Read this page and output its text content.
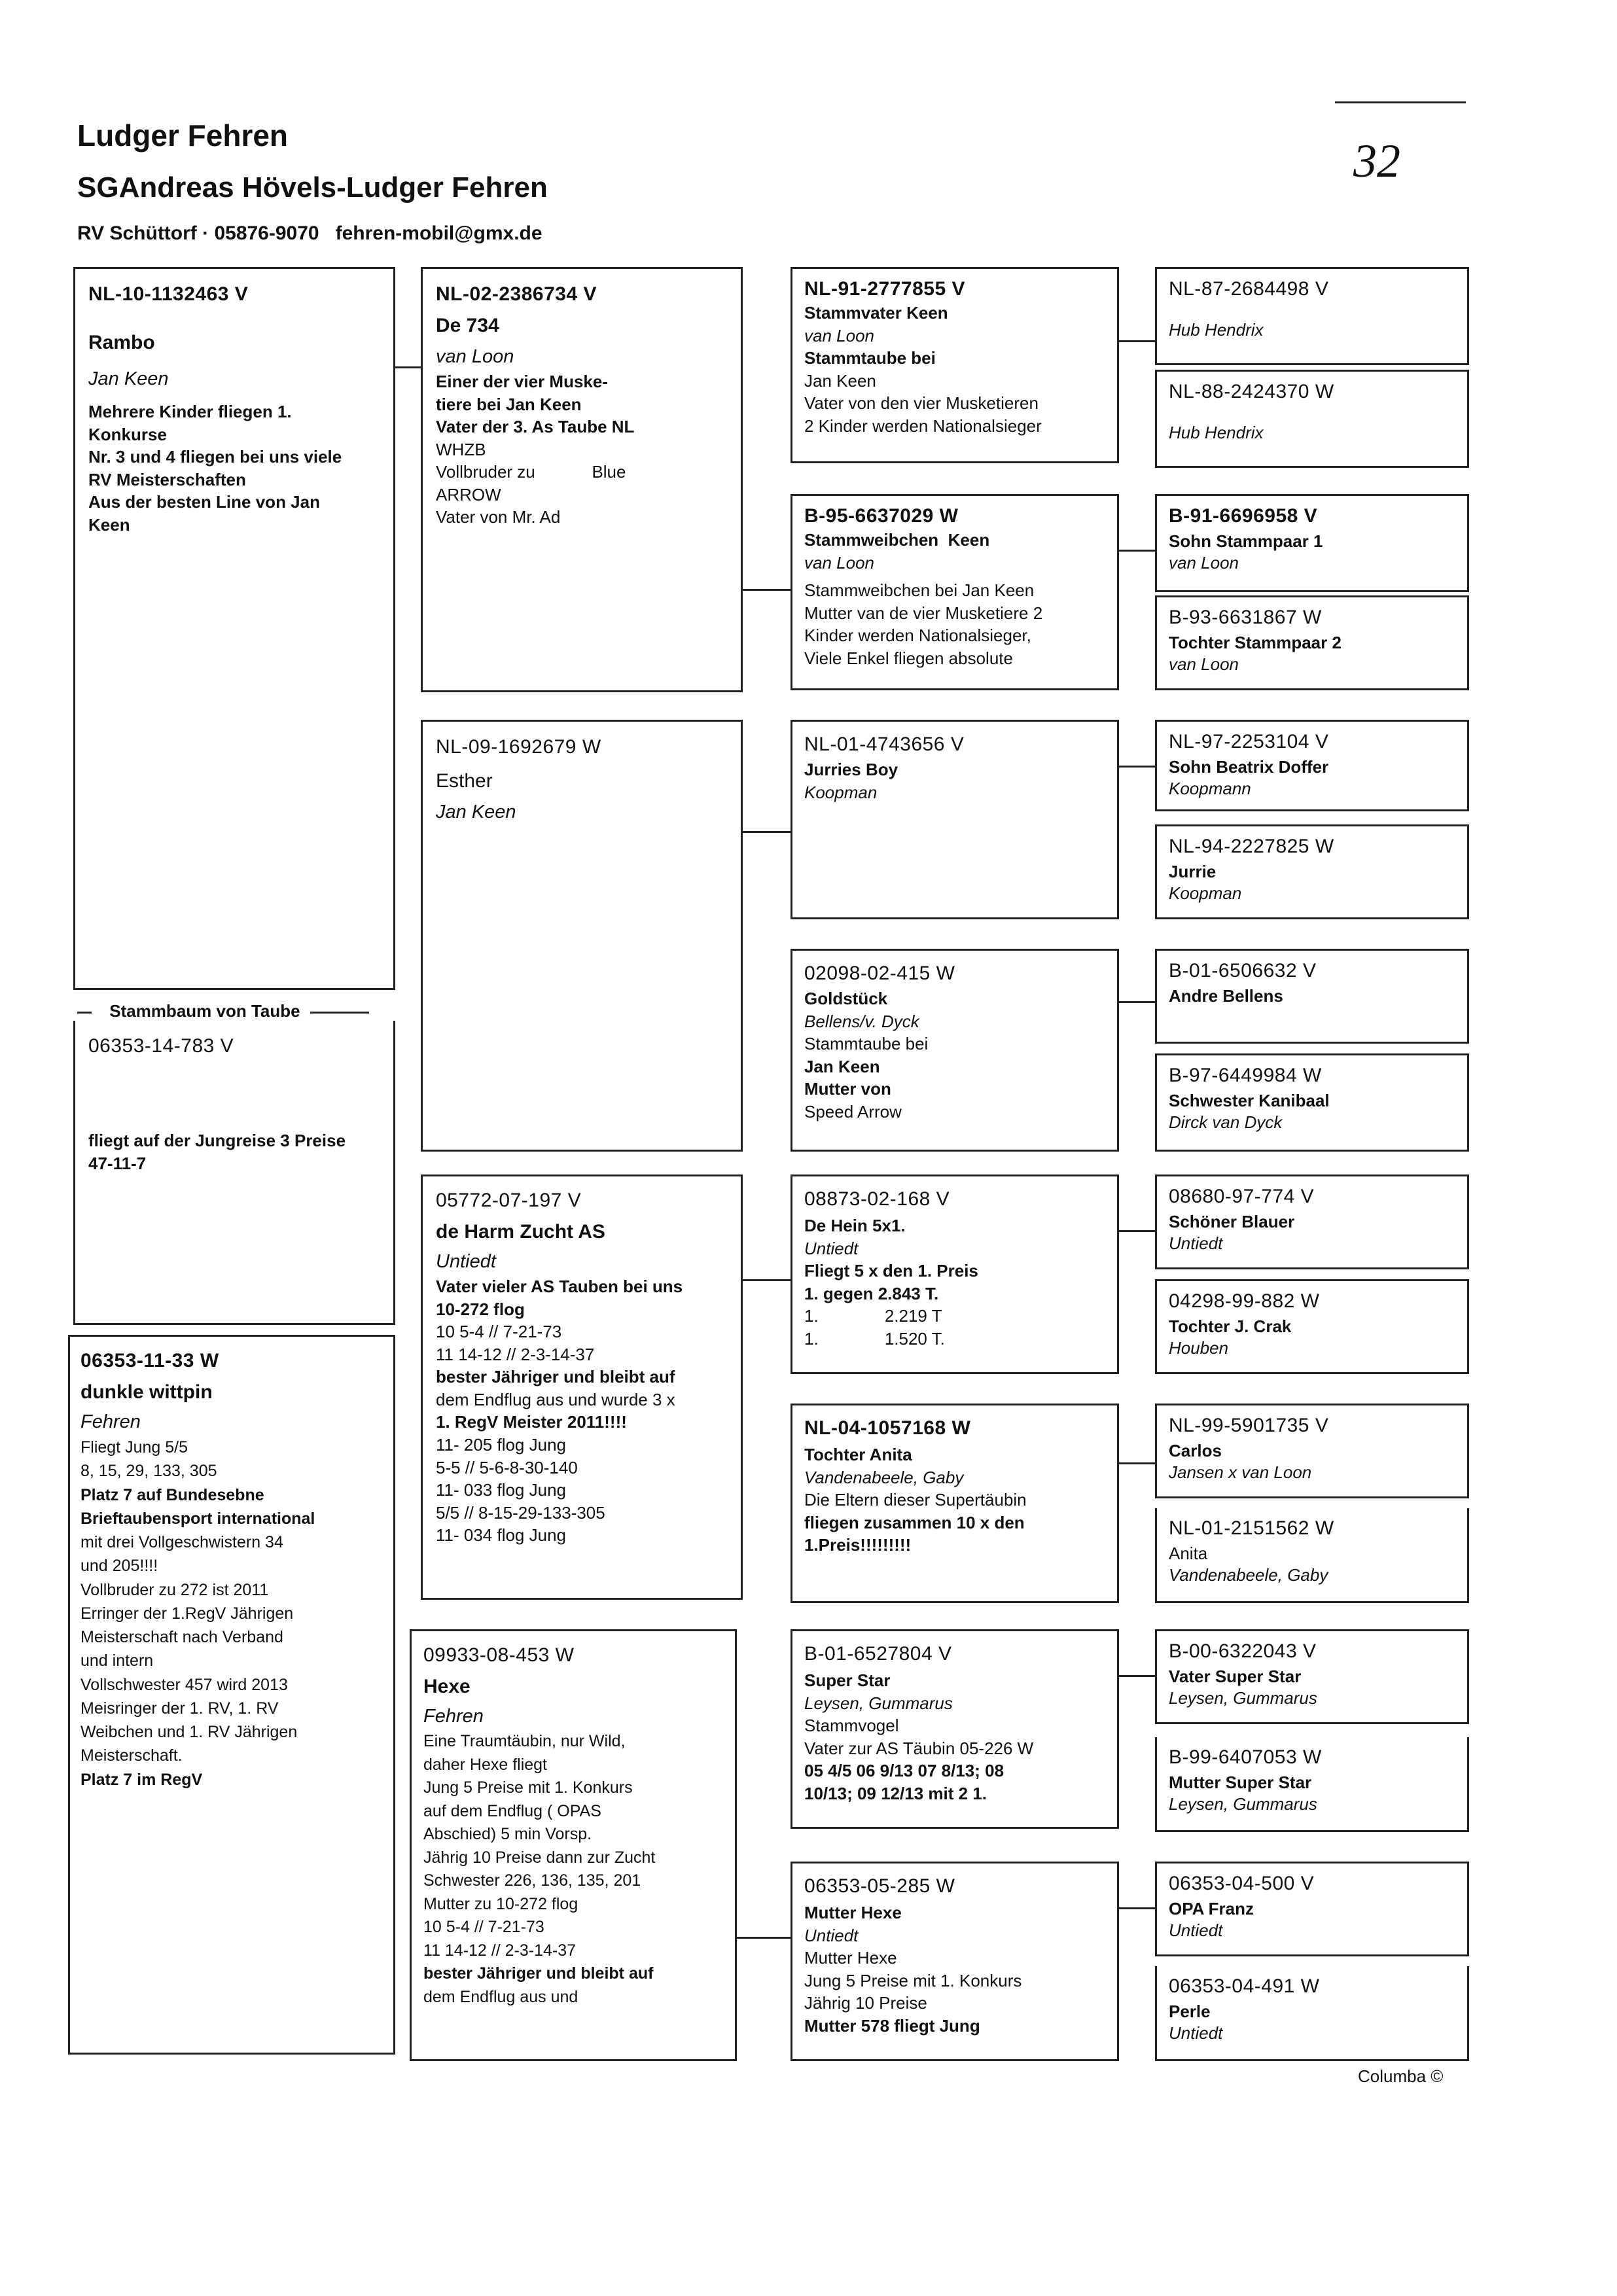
Ludger Fehren
SGAndreas Hövels-Ludger Fehren
RV Schüttorf · 05876-9070   fehren-mobil@gmx.de
32
NL-10-1132463 V
Rambo
Jan Keen
Mehrere Kinder fliegen 1.
Konkurse
Nr. 3 und 4 fliegen bei uns viele
RV Meisterschaften
Aus der besten Line von Jan
Keen
Stammbaum von Taube
06353-14-783 V
fliegt auf der Jungreise 3 Preise
47-11-7
06353-11-33 W
dunkle wittpin
Fehren
Fliegt Jung 5/5
8, 15, 29, 133, 305
Platz 7 auf Bundesebne
Brieftaubensport international
mit drei Vollgeschwistern 34
und 205!!!!
Vollbruder zu 272 ist 2011
Erringer der 1.RegV Jährigen
Meisterschaft nach Verband
und intern
Vollschwester 457 wird 2013
Meisringer der 1. RV, 1. RV
Weibchen und 1. RV Jährigen
Meisterschaft.
Platz 7 im RegV
NL-02-2386734 V
De 734
van Loon
Einer der vier Muske-
tiere bei Jan Keen
Vater der 3. As Taube NL
WHZB
Vollbruder zu            Blue
ARROW
Vater von Mr. Ad
NL-09-1692679 W
Esther
Jan Keen
05772-07-197 V
de Harm Zucht AS
Untiedt
Vater vieler AS Tauben bei uns
10-272 flog
10 5-4 // 7-21-73
11 14-12 // 2-3-14-37
bester Jähriger und bleibt auf
dem Endflug aus und wurde 3 x
1. RegV Meister 2011!!!!
11- 205 flog Jung
5-5 // 5-6-8-30-140
11- 033 flog Jung
5/5 // 8-15-29-133-305
11- 034 flog Jung
09933-08-453 W
Hexe
Fehren
Eine Traumtäubin, nur Wild,
daher Hexe fliegt
Jung 5 Preise mit 1. Konkurs
auf dem Endflug ( OPAS
Abschied) 5 min Vorsp.
Jährig 10 Preise dann zur Zucht
Schwester 226, 136, 135, 201
Mutter zu 10-272 flog
10 5-4 // 7-21-73
11 14-12 // 2-3-14-37
bester Jähriger und bleibt auf
dem Endflug aus und
NL-91-2777855 V
Stammvater Keen
van Loon
Stammtaube bei
Jan Keen
Vater von den vier Musketieren
2 Kinder werden Nationalsieger
B-95-6637029 W
Stammweibchen  Keen
van Loon
Stammweibchen bei Jan Keen
Mutter van de vier Musketiere 2
Kinder werden Nationalsieger,
Viele Enkel fliegen absolute
NL-01-4743656 V
Jurries Boy
Koopman
02098-02-415 W
Goldstück
Bellens/v. Dyck
Stammtaube bei
Jan Keen
Mutter von
Speed Arrow
08873-02-168 V
De Hein 5x1.
Untiedt
Fliegt 5 x den 1. Preis
1. gegen 2.843 T.
1.              2.219 T
1.              1.520 T.
NL-04-1057168 W
Tochter Anita
Vandenabeele, Gaby
Die Eltern dieser Supertäubin
fliegen zusammen 10 x den
1.Preis!!!!!!!!!
B-01-6527804 V
Super Star
Leysen, Gummarus
Stammvogel
Vater zur AS Täubin 05-226 W
05 4/5 06 9/13 07 8/13; 08
10/13; 09 12/13 mit 2 1.
06353-05-285 W
Mutter Hexe
Untiedt
Mutter Hexe
Jung 5 Preise mit 1. Konkurs
Jährig 10 Preise
Mutter 578 fliegt Jung
NL-87-2684498 V
Hub Hendrix
NL-88-2424370 W
Hub Hendrix
B-91-6696958 V
Sohn Stammpaar 1
van Loon
B-93-6631867 W
Tochter Stammpaar 2
van Loon
NL-97-2253104 V
Sohn Beatrix Doffer
Koopmann
NL-94-2227825 W
Jurrie
Koopman
B-01-6506632 V
Andre Bellens
B-97-6449984 W
Schwester Kanibaal
Dirck van Dyck
08680-97-774 V
Schöner Blauer
Untiedt
04298-99-882 W
Tochter J. Crak
Houben
NL-99-5901735 V
Carlos
Jansen x van Loon
NL-01-2151562 W
Anita
Vandenabeele, Gaby
B-00-6322043 V
Vater Super Star
Leysen, Gummarus
B-99-6407053 W
Mutter Super Star
Leysen, Gummarus
06353-04-500 V
OPA Franz
Untiedt
06353-04-491 W
Perle
Untiedt
Columba ©
